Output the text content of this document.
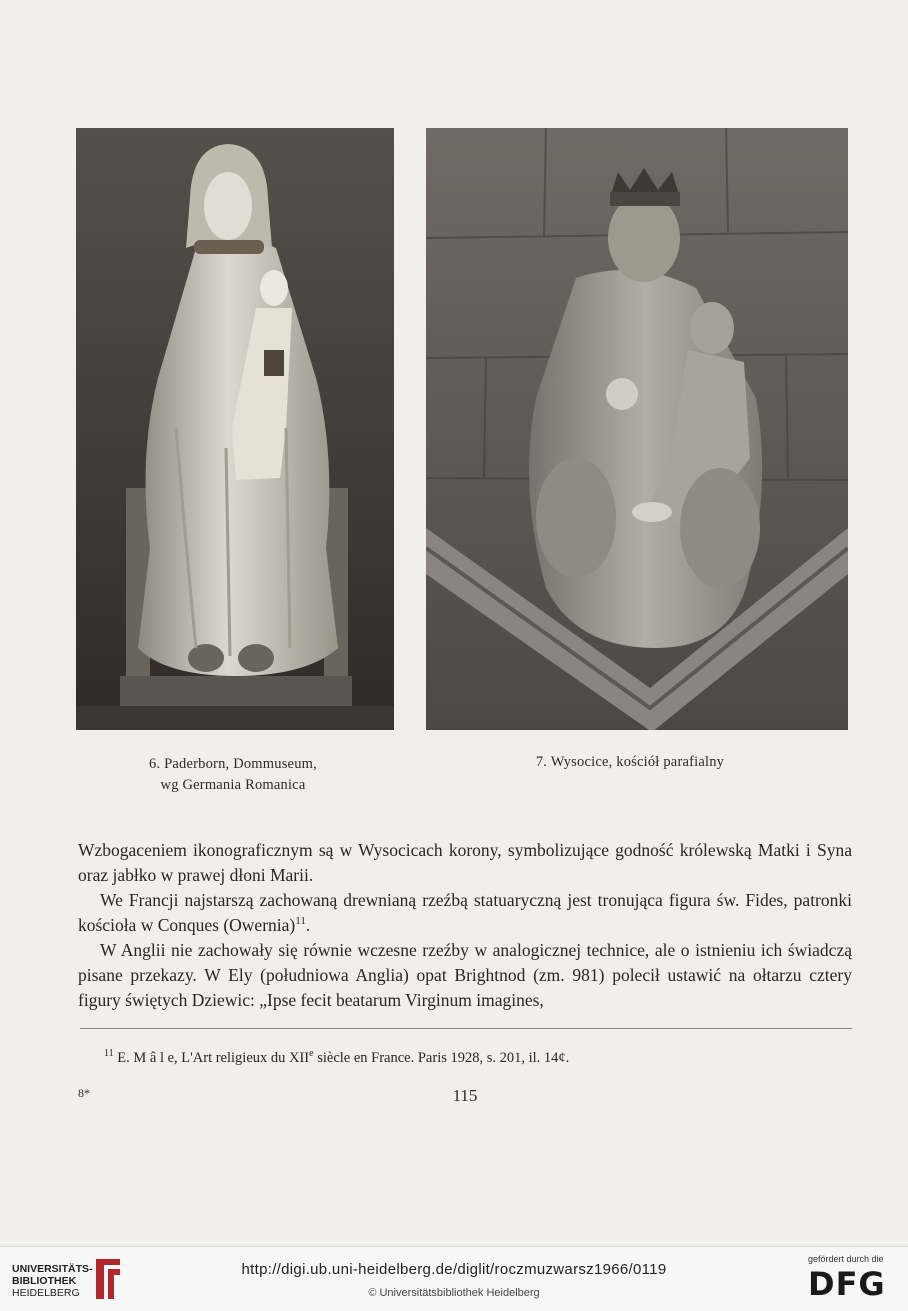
6. Paderborn, Dommuseum,
wg Germania Romanica
7. Wysocice, kościół parafialny

Wzbogaceniem ikonograficznym są w Wysocicach korony, symbolizujące godność królewską Matki i Syna oraz jabłko w prawej dłoni Marii.

We Francji najstarszą zachowaną drewnianą rzeźbą statuaryczną jest tronująca figura św. Fides, patronki kościoła w Conques (Owernia)$^{11}$.

W Anglii nie zachowały się równie wczesne rzeźby w analogicznej technice, ale o istnieniu ich świadczą pisane przekazy. W Ely (południowa Anglia) opat Brightnod (zm. 981) polecił ustawić na ołtarzu cztery figury świętych Dziewic: „Ipse fecit beatarum Virginum imagines,

$^{11}$ E. M â l e, L'Art religieux du XIIe siècle en France. Paris 1928, s. 201, il. 14¢.
8*	115
UNIVERSITÄTS-
BIBLIOTHEK
HEIDELBERG
http://digi.ub.uni-heidelberg.de/diglit/roczmuzwarsz1966/0119
© Universitätsbibliothek Heidelberg
gefördert durch die
DFG
